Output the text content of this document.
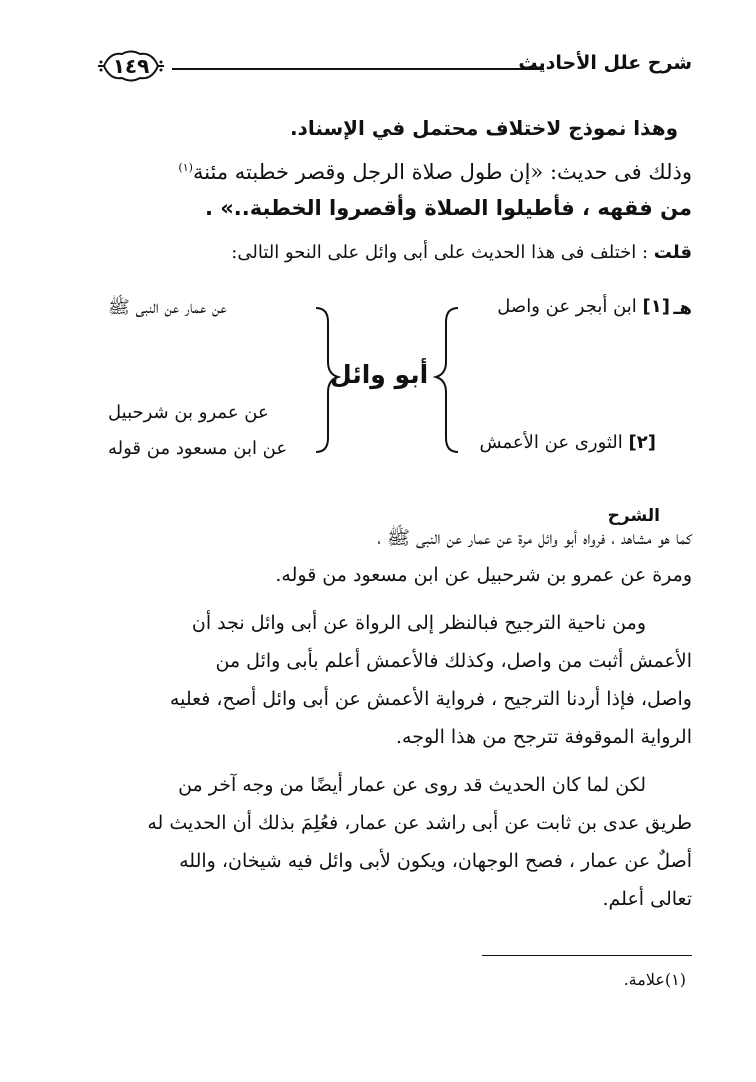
شرح علل الأحاديث
١٤٩
وهذا نموذج لاختلاف محتمل في الإسناد.
وذلك فى حديث: «إن طول صلاة الرجل وقصر خطبته مئنة$^{(١)}$
من فقهه ، فأطيلوا الصلاة وأقصروا الخطبة..» .
قلت : اختلف فى هذا الحديث على أبى وائل على النحو التالى:
هـ
[١] ابن أبجر عن واصل
عن عمار عن النبى ﷺ
أبو وائل
عن عمرو بن شرحبيل
عن ابن مسعود من قوله	[٢] الثورى عن الأعمش
الشرح
كما هو مشاهد ، فرواه أبو وائل مرة عن عمار عن النبى ﷺ ،
ومرة عن عمرو بن شرحبيل عن ابن مسعود من قوله.
ومن ناحية الترجيح فبالنظر إلى الرواة عن أبى وائل نجد أن
الأعمش أثبت من واصل، وكذلك فالأعمش أعلم بأبى وائل من
واصل، فإذا أردنا الترجيح ، فرواية الأعمش عن أبى وائل أصح، فعليه
الرواية الموقوفة تترجح من هذا الوجه.
لكن لما كان الحديث قد روى عن عمار أيضًا من وجه آخر من
طريق عدى بن ثابت عن أبى راشد عن عمار، فعُلِمَ بذلك أن الحديث له
أصلٌ عن عمار ، فصح الوجهان، ويكون لأبى وائل فيه شيخان، والله
تعالى أعلم.
(١)علامة.
